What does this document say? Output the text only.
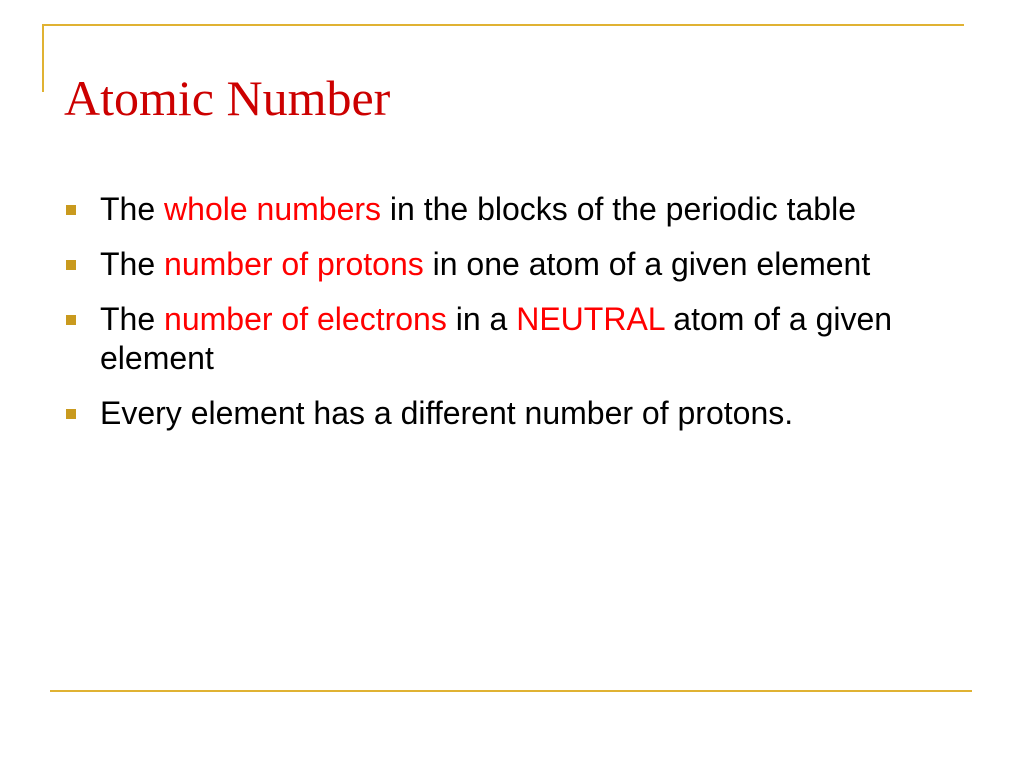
Atomic Number
The whole numbers in the blocks of the periodic table
The number of protons in one atom of a given element
The number of electrons in a NEUTRAL atom of a given element
Every element has a different number of protons.
